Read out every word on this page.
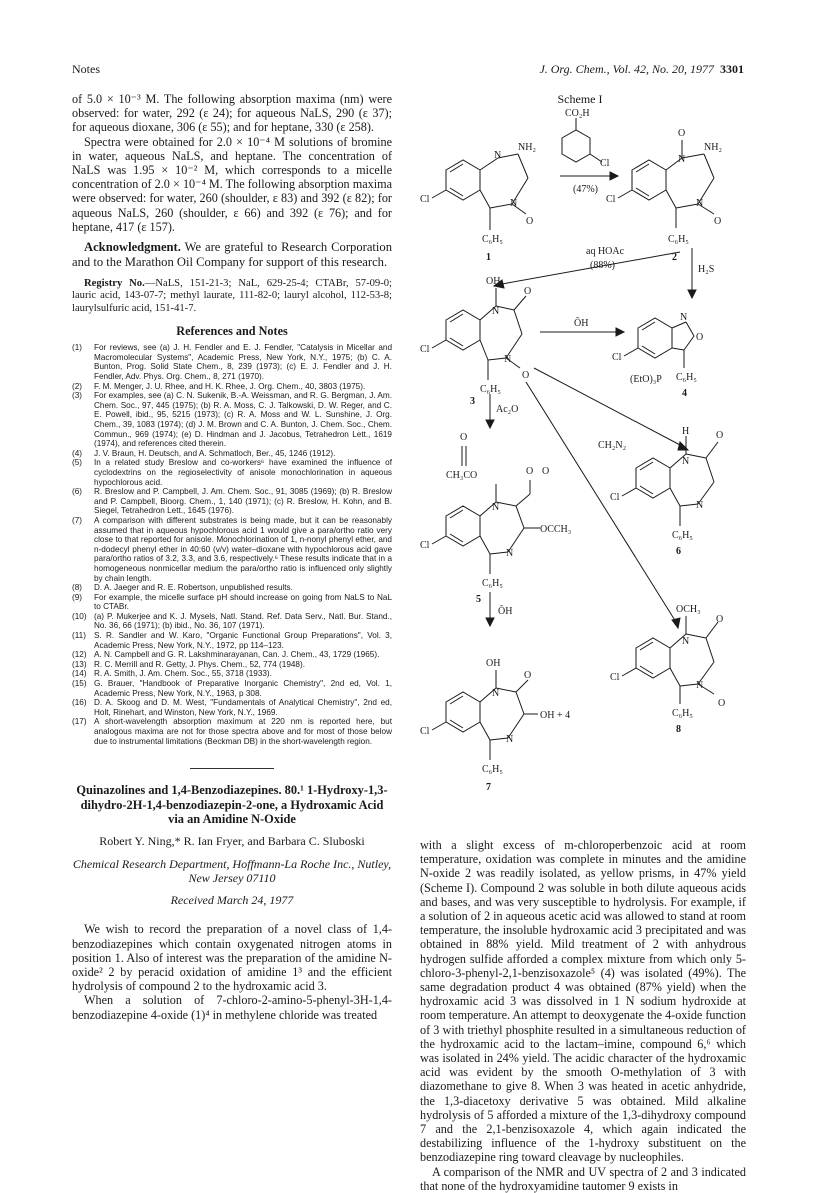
Notes	J. Org. Chem., Vol. 42, No. 20, 1977 3301

of 5.0 × 10⁻³ M. The following absorption maxima (nm) were observed: for water, 292 (ε 24); for aqueous NaLS, 290 (ε 37); for aqueous dioxane, 306 (ε 55); and for heptane, 330 (ε 258).

Spectra were obtained for 2.0 × 10⁻⁴ M solutions of bromine in water, aqueous NaLS, and heptane. The concentration of NaLS was 1.95 × 10⁻² M, which corresponds to a micelle concentration of 2.0 × 10⁻⁴ M. The following absorption maxima were observed: for water, 260 (shoulder, ε 83) and 392 (ε 82); for aqueous NaLS, 260 (shoulder, ε 66) and 392 (ε 76); and for heptane, 417 (ε 157).

Acknowledgment. We are grateful to Research Corporation and to the Marathon Oil Company for support of this research.

Registry No.—NaLS, 151-21-3; NaL, 629-25-4; CTABr, 57-09-0; lauric acid, 143-07-7; methyl laurate, 111-82-0; lauryl alcohol, 112-53-8; laurylsulfuric acid, 151-41-7.

References and Notes
(1) For reviews, see (a) J. H. Fendler and E. J. Fendler, "Catalysis in Micellar and Macromolecular Systems", Academic Press, New York, N.Y., 1975; (b) C. A. Bunton, Prog. Solid State Chem., 8, 239 (1973); (c) E. J. Fendler and J. H. Fendler, Adv. Phys. Org. Chem., 8, 271 (1970).
(2) F. M. Menger, J. U. Rhee, and H. K. Rhee, J. Org. Chem., 40, 3803 (1975).
(3) For examples, see (a) C. N. Sukenik, B.-A. Weissman, and R. G. Bergman, J. Am. Chem. Soc., 97, 445 (1975); (b) R. A. Moss, C. J. Talkowski, D. W. Reger, and C. E. Powell, ibid., 95, 5215 (1973); (c) R. A. Moss and W. L. Sunshine, J. Org. Chem., 39, 1083 (1974); (d) J. M. Brown and C. A. Bunton, J. Chem. Soc., Chem. Commun., 969 (1974); (e) D. Hindman and J. Jacobus, Tetrahedron Lett., 1619 (1974), and references cited therein.
(4) J. V. Braun, H. Deutsch, and A. Schmatloch, Ber., 45, 1246 (1912).
(5) In a related study Breslow and co-workers⁶ have examined the influence of cyclodextrins on the regioselectivity of anisole monochlorination in aqueous hypochlorous acid.
(6) R. Breslow and P. Campbell, J. Am. Chem. Soc., 91, 3085 (1969); (b) R. Breslow and P. Campbell, Bioorg. Chem., 1, 140 (1971); (c) R. Breslow, H. Kohn, and B. Siegel, Tetrahedron Lett., 1645 (1976).
(7) A comparison with different substrates is being made, but it can be reasonably assumed that in aqueous hypochlorous acid 1 would give a para/ortho ratio very close to that reported for anisole. Monochlorination of 1, n-nonyl phenyl ether, and n-dodecyl phenyl ether in 40:60 (v/v) water–dioxane with hypochlorous acid gave para/ortho ratios of 3.2, 3.3, and 3.6, respectively.⁶ These results indicate that in a homogeneous nonmicellar medium the para/ortho ratio is influenced only slightly by chain length.
(8) D. A. Jaeger and R. E. Robertson, unpublished results.
(9) For example, the micelle surface pH should increase on going from NaLS to NaL to CTABr.
(10) (a) P. Mukerjee and K. J. Mysels, Natl. Stand. Ref. Data Serv., Natl. Bur. Stand., No. 36, 66 (1971); (b) ibid., No. 36, 107 (1971).
(11) S. R. Sandler and W. Karo, "Organic Functional Group Preparations", Vol. 3, Academic Press, New York, N.Y., 1972, pp 114–123.
(12) A. N. Campbell and G. R. Lakshminarayanan, Can. J. Chem., 43, 1729 (1965).
(13) R. C. Merrill and R. Getty, J. Phys. Chem., 52, 774 (1948).
(14) R. A. Smith, J. Am. Chem. Soc., 55, 3718 (1933).
(15) G. Brauer, "Handbook of Preparative Inorganic Chemistry", 2nd ed, Vol. 1, Academic Press, New York, N.Y., 1963, p 308.
(16) D. A. Skoog and D. M. West, "Fundamentals of Analytical Chemistry", 2nd ed, Holt, Rinehart, and Winston, New York, N.Y., 1969.
(17) A short-wavelength absorption maximum at 220 nm is reported here, but analogous maxima are not for those spectra above and for most of those below due to instrumental limitations (Beckman DB) in the short-wavelength region.
Quinazolines and 1,4-Benzodiazepines. 80.¹ 1-Hydroxy-1,3-dihydro-2H-1,4-benzodiazepin-2-one, a Hydroxamic Acid via an Amidine N-Oxide
Robert Y. Ning,* R. Ian Fryer, and Barbara C. Sluboski
Chemical Research Department, Hoffmann-La Roche Inc., Nutley, New Jersey 07110
Received March 24, 1977

We wish to record the preparation of a novel class of 1,4-benzodiazepines which contain oxygenated nitrogen atoms in position 1. Also of interest was the preparation of the amidine N-oxide² 2 by peracid oxidation of amidine 1³ and the efficient hydrolysis of compound 2 to the hydroxamic acid 3.

When a solution of 7-chloro-2-amino-5-phenyl-3H-1,4-benzodiazepine 4-oxide (1)⁴ in methylene chloride was treated

Scheme I
CO₂H
Cl
(47%)
NH₂
N
N
O
Cl
C₆H₅
1
O
NH₂
N
N
O
Cl
C₆H₅
2
aq HOAc
(88%)	H₂S
OH
O
N
N
O
Cl
C₆H₅
3
ŌH
N
O
Cl
C₆H₅
4
(EtO)₃P
Ac₂O
CH₂N₂
H
N
O
N
Cl
C₆H₅
6
O
CH₃CO	O O
N
OCCH₃
N
Cl
C₆H₅
5
ŌH	OCH₃
O
N
N
O
Cl
C₆H₅
8
OH
O
N
OH + 4
N
Cl
C₆H₅
7

with a slight excess of m-chloroperbenzoic acid at room temperature, oxidation was complete in minutes and the amidine N-oxide 2 was readily isolated, as yellow prisms, in 47% yield (Scheme I). Compound 2 was soluble in both dilute aqueous acids and bases, and was very susceptible to hydrolysis. For example, if a solution of 2 in aqueous acetic acid was allowed to stand at room temperature, the insoluble hydroxamic acid 3 precipitated and was obtained in 88% yield. Mild treatment of 2 with anhydrous hydrogen sulfide afforded a complex mixture from which only 5-chloro-3-phenyl-2,1-benzisoxazole⁵ (4) was isolated (49%). The same degradation product 4 was obtained (87% yield) when the hydroxamic acid 3 was dissolved in 1 N sodium hydroxide at room temperature. An attempt to deoxygenate the 4-oxide function of 3 with triethyl phosphite resulted in a simultaneous reduction of the hydroxamic acid to the lactam–imine, compound 6,⁶ which was isolated in 24% yield. The acidic character of the hydroxamic acid was evident by the smooth O-methylation of 3 with diazomethane to give 8. When 3 was heated in acetic anhydride, the 1,3-diacetoxy derivative 5 was obtained. Mild alkaline hydrolysis of 5 afforded a mixture of the 1,3-dihydroxy compound 7 and the 2,1-benzisoxazole 4, which again indicated the destabilizing influence of the 1-hydroxy substituent on the benzodiazepine ring toward cleavage by nucleophiles.

A comparison of the NMR and UV spectra of 2 and 3 indicated that none of the hydroxyamidine tautomer 9 exists in
